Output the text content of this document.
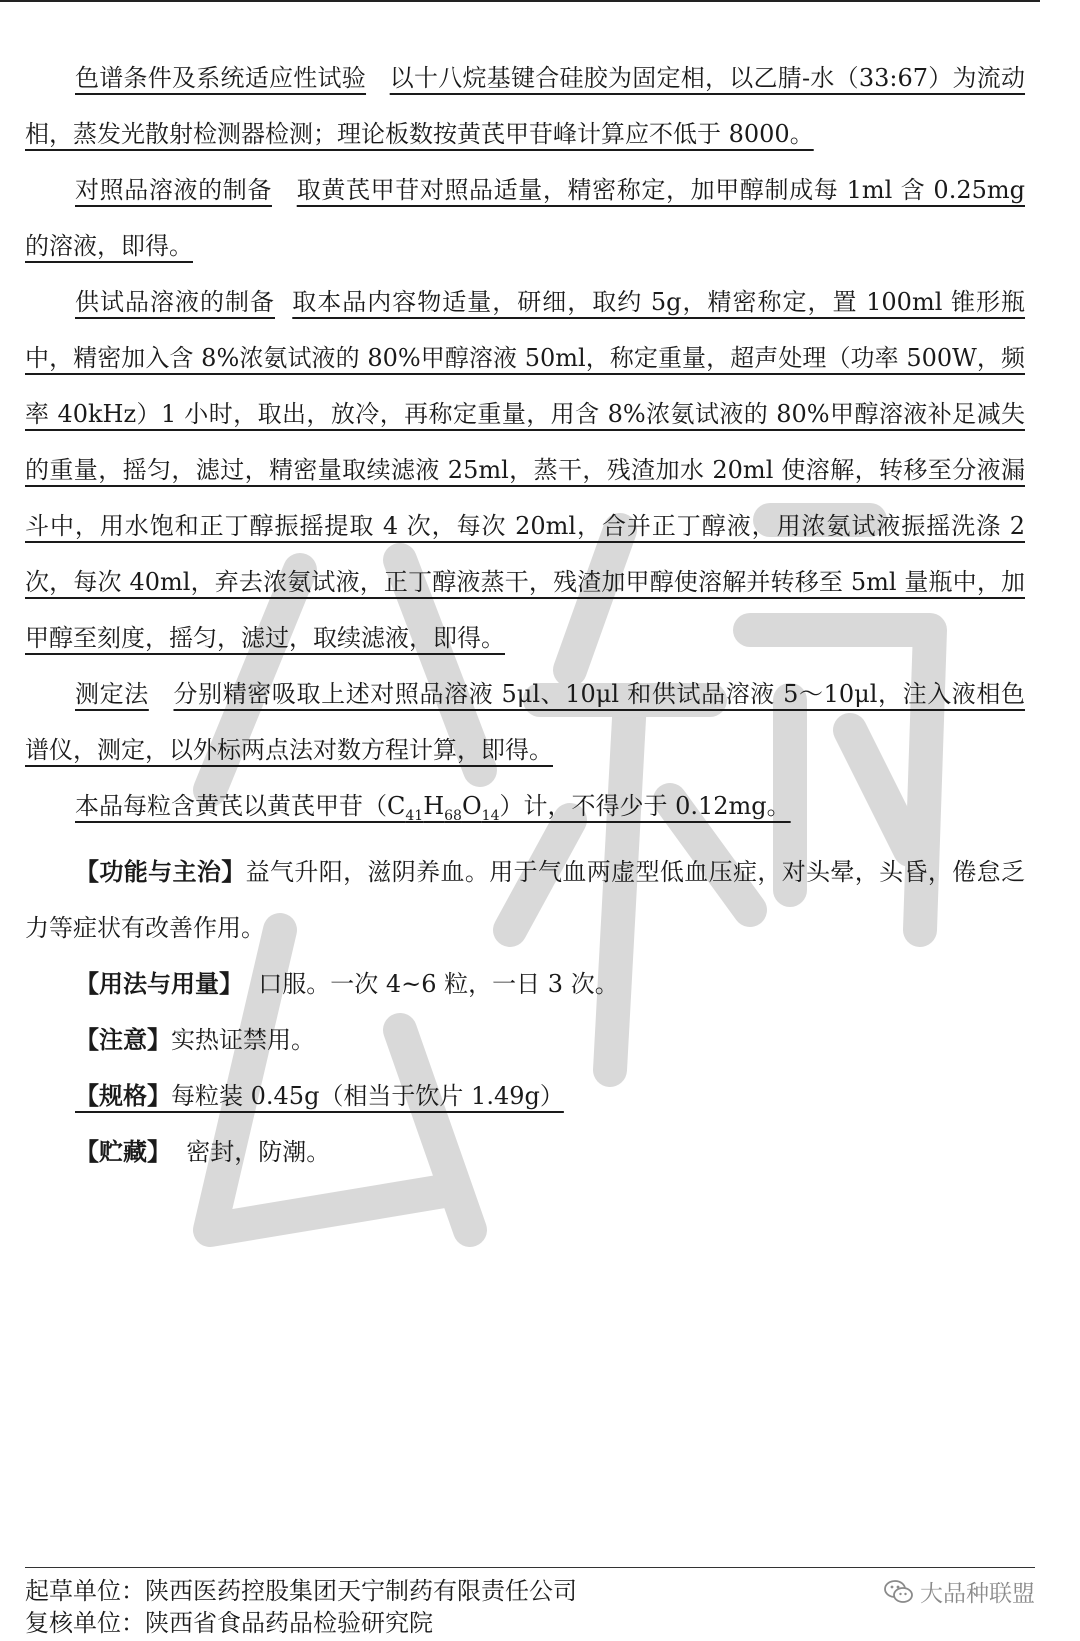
色谱条件及系统适应性试验 以十八烷基键合硅胶为固定相，以乙腈-水（33:67）为流动相，蒸发光散射检测器检测；理论板数按黄芪甲苷峰计算应不低于 8000。

对照品溶液的制备 取黄芪甲苷对照品适量，精密称定，加甲醇制成每 1ml 含 0.25mg 的溶液，即得。

供试品溶液的制备 取本品内容物适量，研细，取约 5g，精密称定，置 100ml 锥形瓶中，精密加入含 8%浓氨试液的 80%甲醇溶液 50ml，称定重量，超声处理（功率 500W，频率 40kHz）1 小时，取出，放冷，再称定重量，用含 8%浓氨试液的 80%甲醇溶液补足减失的重量，摇匀，滤过，精密量取续滤液 25ml，蒸干，残渣加水 20ml 使溶解，转移至分液漏斗中，用水饱和正丁醇振摇提取 4 次，每次 20ml，合并正丁醇液，用浓氨试液振摇洗涤 2 次，每次 40ml，弃去浓氨试液，正丁醇液蒸干，残渣加甲醇使溶解并转移至 5ml 量瓶中，加甲醇至刻度，摇匀，滤过，取续滤液，即得。

测定法 分别精密吸取上述对照品溶液 5μl、10μl 和供试品溶液 5～10μl，注入液相色谱仪，测定，以外标两点法对数方程计算，即得。

本品每粒含黄芪以黄芪甲苷$(C_{41}H_{68}O_{14})$计，不得少于 0.12mg。

【功能与主治】益气升阳，滋阴养血。用于气血两虚型低血压症，对头晕，头昏，倦怠乏力等症状有改善作用。

【用法与用量】 口服。一次 4~6 粒，一日 3 次。

【注意】实热证禁用。

【规格】每粒装 0.45g（相当于饮片 1.49g）

【贮藏】 密封，防潮。

起草单位：陕西医药控股集团天宁制药有限责任公司
复核单位：陕西省食品药品检验研究院
大品种联盟
